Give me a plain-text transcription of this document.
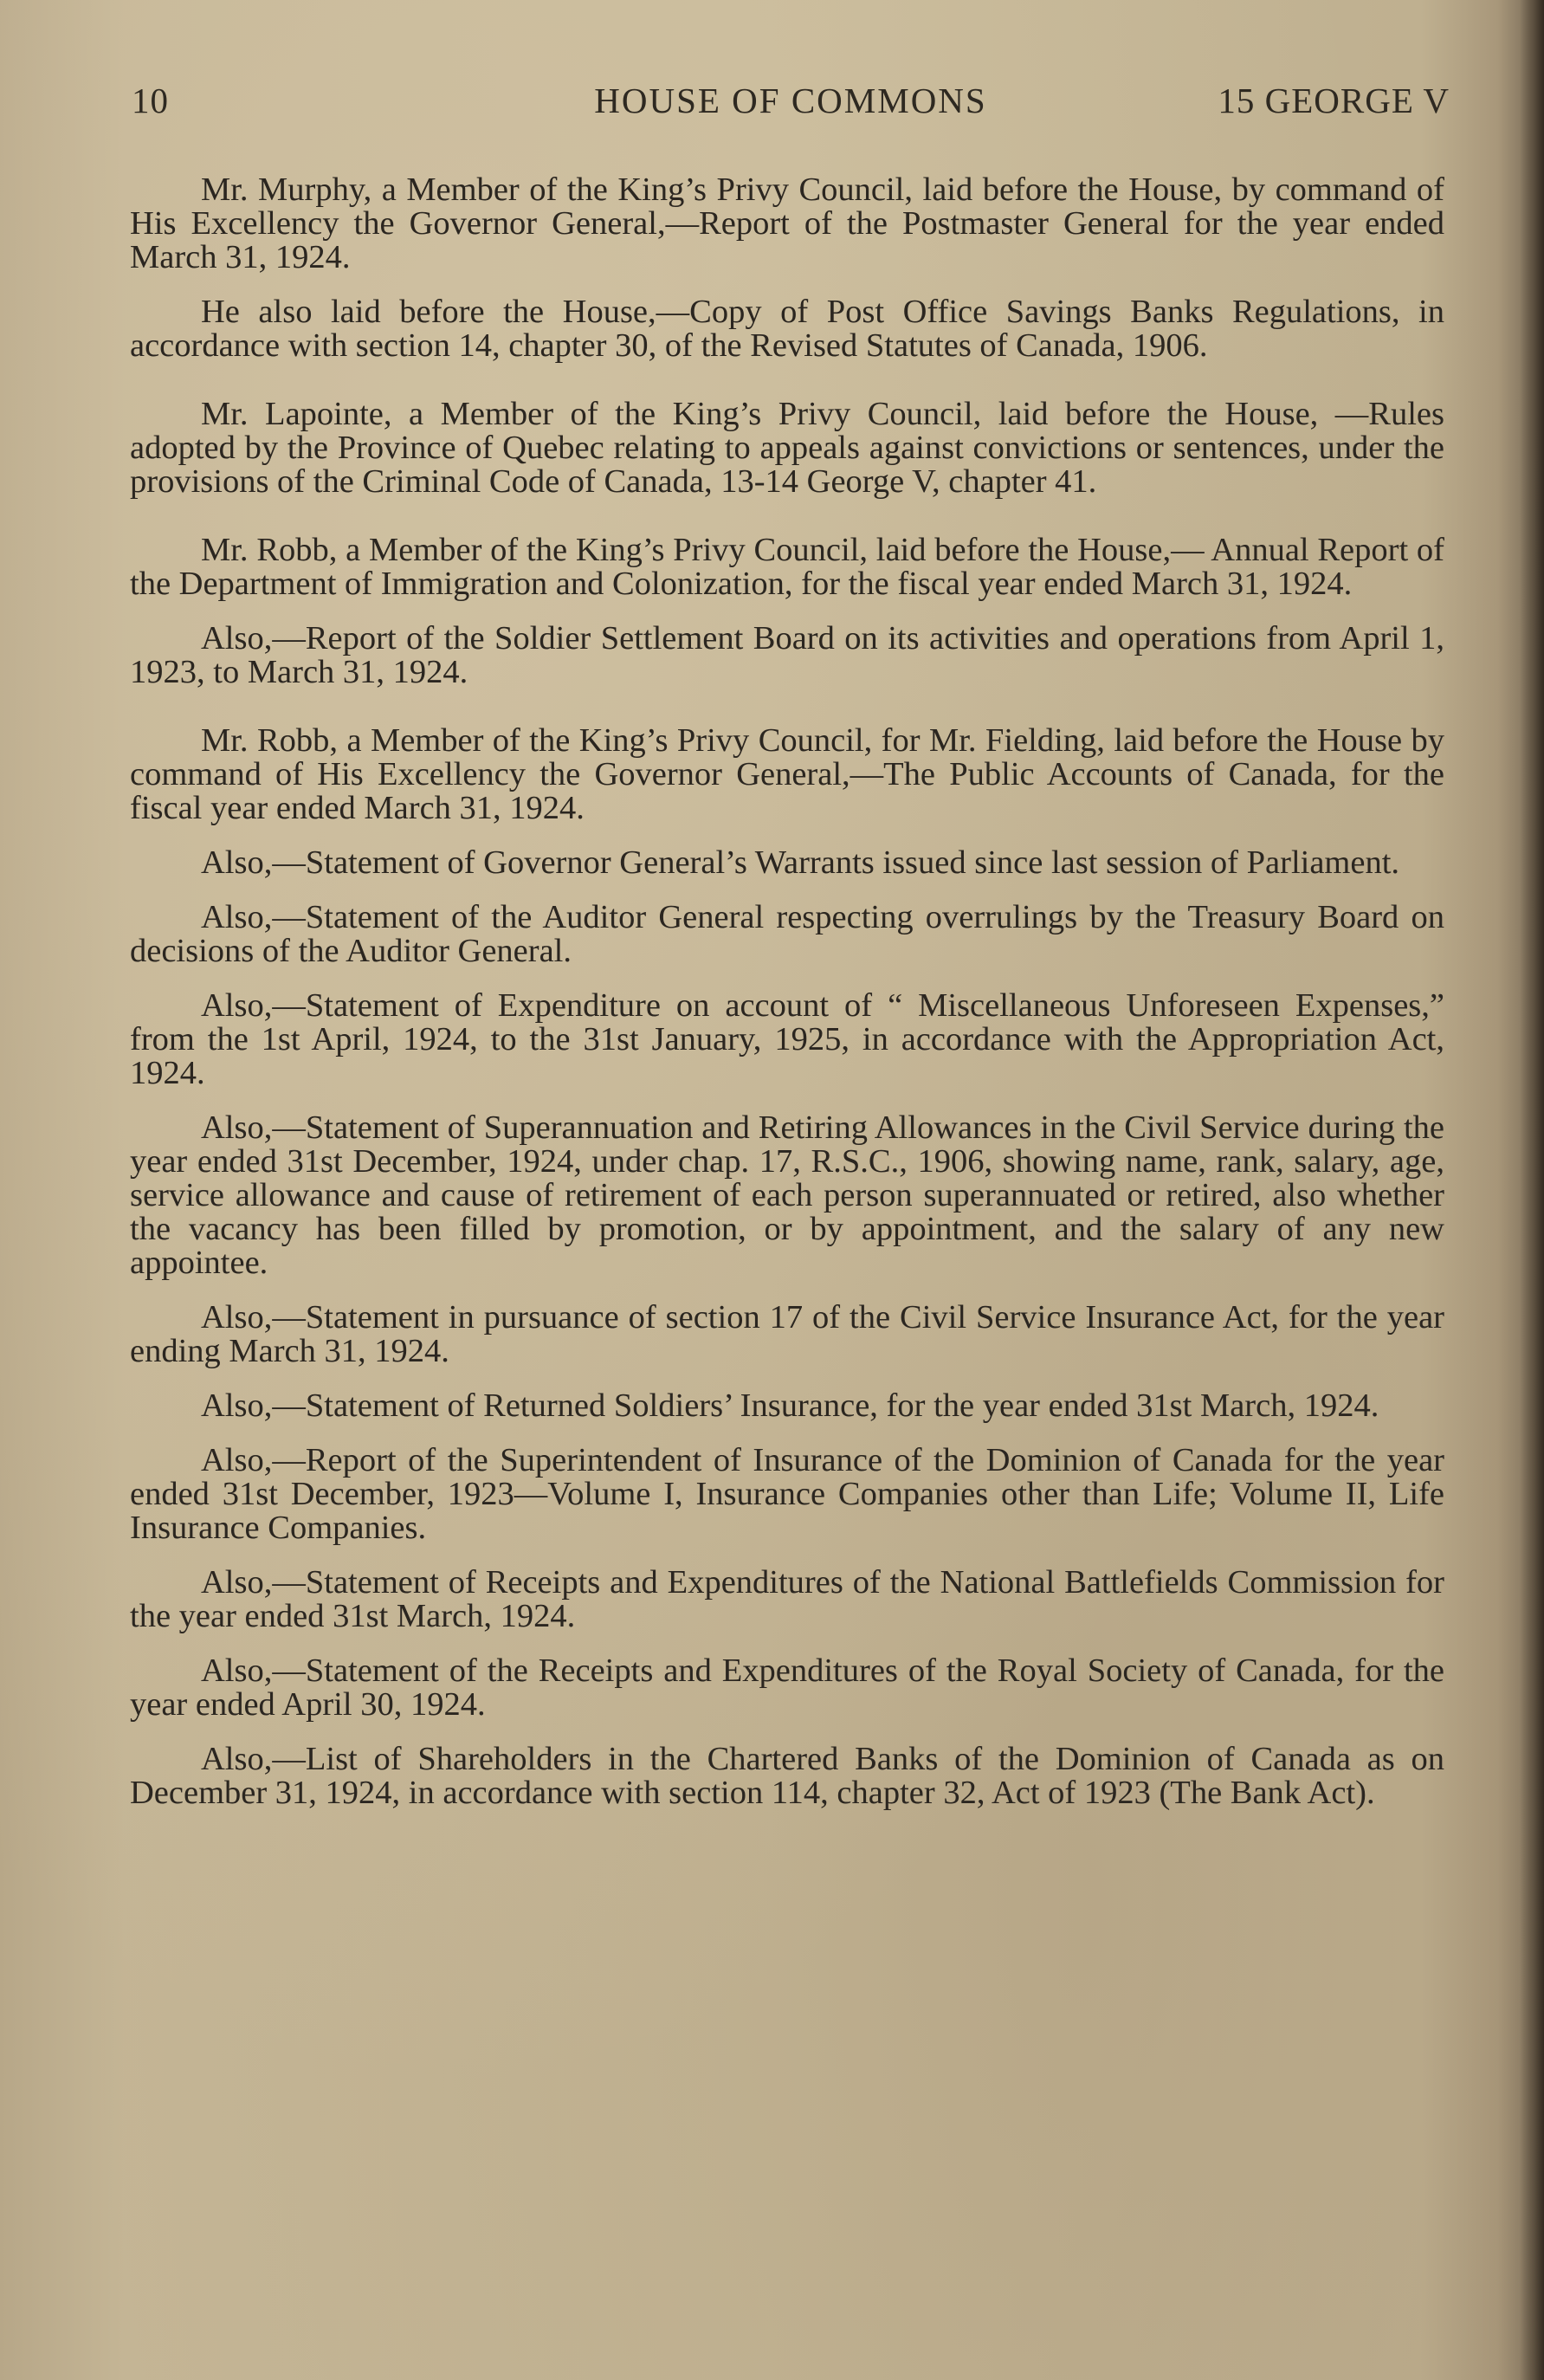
HOUSE OF COMMONS
10	15 GEORGE V

Mr. Murphy, a Member of the King’s Privy Council, laid before the House, by command of His Excellency the Governor General,—Report of the Postmaster General for the year ended March 31, 1924.

He also laid before the House,—Copy of Post Office Savings Banks Regulations, in accordance with section 14, chapter 30, of the Revised Statutes of Canada, 1906.

Mr. Lapointe, a Member of the King’s Privy Council, laid before the House, —Rules adopted by the Province of Quebec relating to appeals against convictions or sentences, under the provisions of the Criminal Code of Canada, 13-14 George V, chapter 41.

Mr. Robb, a Member of the King’s Privy Council, laid before the House,— Annual Report of the Department of Immigration and Colonization, for the fiscal year ended March 31, 1924.

Also,—Report of the Soldier Settlement Board on its activities and operations from April 1, 1923, to March 31, 1924.

Mr. Robb, a Member of the King’s Privy Council, for Mr. Fielding, laid before the House by command of His Excellency the Governor General,—The Public Accounts of Canada, for the fiscal year ended March 31, 1924.

Also,—Statement of Governor General’s Warrants issued since last session of Parliament.

Also,—Statement of the Auditor General respecting overrulings by the Treasury Board on decisions of the Auditor General.

Also,—Statement of Expenditure on account of “ Miscellaneous Unforeseen Expenses,” from the 1st April, 1924, to the 31st January, 1925, in accordance with the Appropriation Act, 1924.

Also,—Statement of Superannuation and Retiring Allowances in the Civil Service during the year ended 31st December, 1924, under chap. 17, R.S.C., 1906, showing name, rank, salary, age, service allowance and cause of retirement of each person superannuated or retired, also whether the vacancy has been filled by promotion, or by appointment, and the salary of any new appointee.

Also,—Statement in pursuance of section 17 of the Civil Service Insurance Act, for the year ending March 31, 1924.

Also,—Statement of Returned Soldiers’ Insurance, for the year ended 31st March, 1924.

Also,—Report of the Superintendent of Insurance of the Dominion of Canada for the year ended 31st December, 1923—Volume I, Insurance Companies other than Life; Volume II, Life Insurance Companies.

Also,—Statement of Receipts and Expenditures of the National Battlefields Commission for the year ended 31st March, 1924.

Also,—Statement of the Receipts and Expenditures of the Royal Society of Canada, for the year ended April 30, 1924.

Also,—List of Shareholders in the Chartered Banks of the Dominion of Canada as on December 31, 1924, in accordance with section 114, chapter 32, Act of 1923 (The Bank Act).
